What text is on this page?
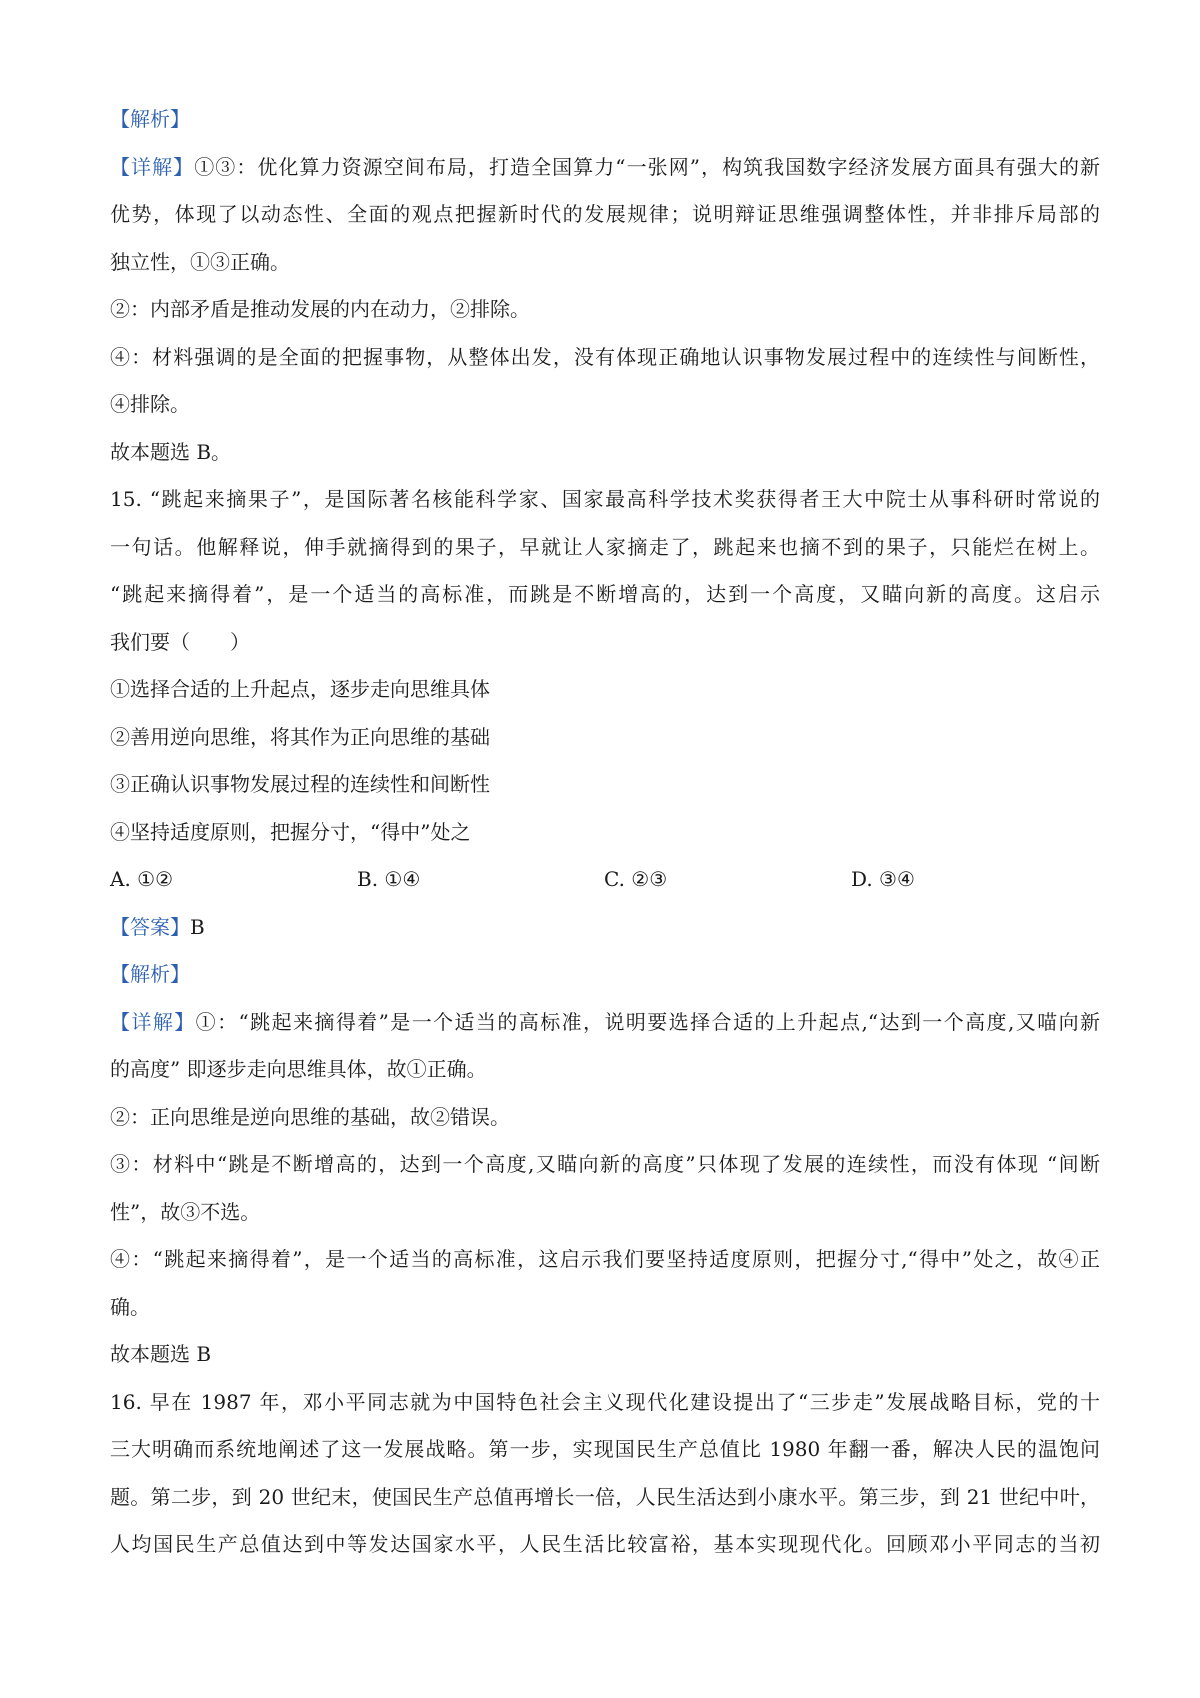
【解析】
【详解】①③：优化算力资源空间布局，打造全国算力“一张网”，构筑我国数字经济发展方面具有强大的新
优势，体现了以动态性、全面的观点把握新时代的发展规律；说明辩证思维强调整体性，并非排斥局部的
独立性，①③正确。
②：内部矛盾是推动发展的内在动力，②排除。
④：材料强调的是全面的把握事物，从整体出发，没有体现正确地认识事物发展过程中的连续性与间断性，
④排除。
故本题选 B。
15. “跳起来摘果子”，是国际著名核能科学家、国家最高科学技术奖获得者王大中院士从事科研时常说的
一句话。他解释说，伸手就摘得到的果子，早就让人家摘走了，跳起来也摘不到的果子，只能烂在树上。
“跳起来摘得着”，是一个适当的高标准，而跳是不断增高的，达到一个高度，又瞄向新的高度。这启示
我们要（　　）
①选择合适的上升起点，逐步走向思维具体
②善用逆向思维，将其作为正向思维的基础
③正确认识事物发展过程的连续性和间断性
④坚持适度原则，把握分寸，“得中”处之
A. ①②	B. ①④	C. ②③	D. ③④
【答案】B
【解析】
【详解】①：“跳起来摘得着”是一个适当的高标准，说明要选择合适的上升起点,“达到一个高度,又喵向新
的高度” 即逐步走向思维具体，故①正确。
②：正向思维是逆向思维的基础，故②错误。
③：材料中“跳是不断增高的，达到一个高度,又瞄向新的高度”只体现了发展的连续性，而没有体现 “间断
性”，故③不选。
④：“跳起来摘得着”，是一个适当的高标准，这启示我们要坚持适度原则，把握分寸,“得中”处之，故④正
确。
故本题选 B
16. 早在 1987 年，邓小平同志就为中国特色社会主义现代化建设提出了“三步走”发展战略目标，党的十
三大明确而系统地阐述了这一发展战略。第一步，实现国民生产总值比 1980 年翻一番，解决人民的温饱问
题。第二步，到 20 世纪末，使国民生产总值再增长一倍，人民生活达到小康水平。第三步，到 21 世纪中叶，
人均国民生产总值达到中等发达国家水平，人民生活比较富裕，基本实现现代化。回顾邓小平同志的当初
